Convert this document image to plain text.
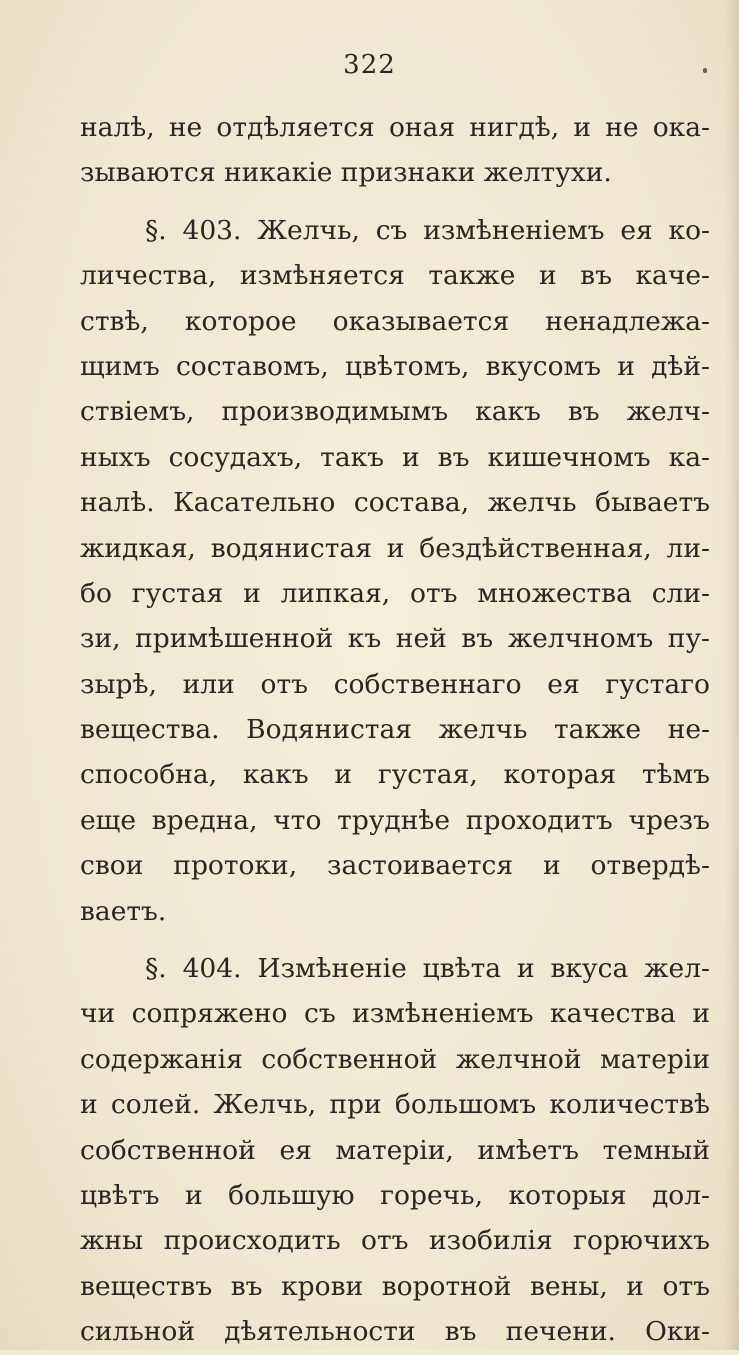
322
налѣ, не отдѣляется оная нигдѣ, и не ока-
зываются никакіе признаки желтухи.
§. 403. Желчь, съ измѣненіемъ ея ко-
личества, измѣняется также и въ каче-
ствѣ, которое оказывается ненадлежа-
щимъ составомъ, цвѣтомъ, вкусомъ и дѣй-
ствіемъ, производимымъ какъ въ желч-
ныхъ сосудахъ, такъ и въ кишечномъ ка-
налѣ. Касательно состава, желчь бываетъ
жидкая, водянистая и бездѣйственная, ли-
бо густая и липкая, отъ множества сли-
зи, примѣшенной къ ней въ желчномъ пу-
зырѣ, или отъ собственнаго ея густаго
вещества. Водянистая желчь также не-
способна, какъ и густая, которая тѣмъ
еще вредна, что труднѣе проходитъ чрезъ
свои протоки, застоивается и отвердѣ-
ваетъ.
§. 404. Измѣненіе цвѣта и вкуса жел-
чи сопряжено съ измѣненіемъ качества и
содержанія собственной желчной матеріи
и солей. Желчь, при большомъ количествѣ
собственной ея матеріи, имѣетъ темный
цвѣтъ и большую горечь, которыя дол-
жны происходить отъ изобилія горючихъ
веществъ въ крови воротной вены, и отъ
сильной дѣятельности въ печени. Оки-
